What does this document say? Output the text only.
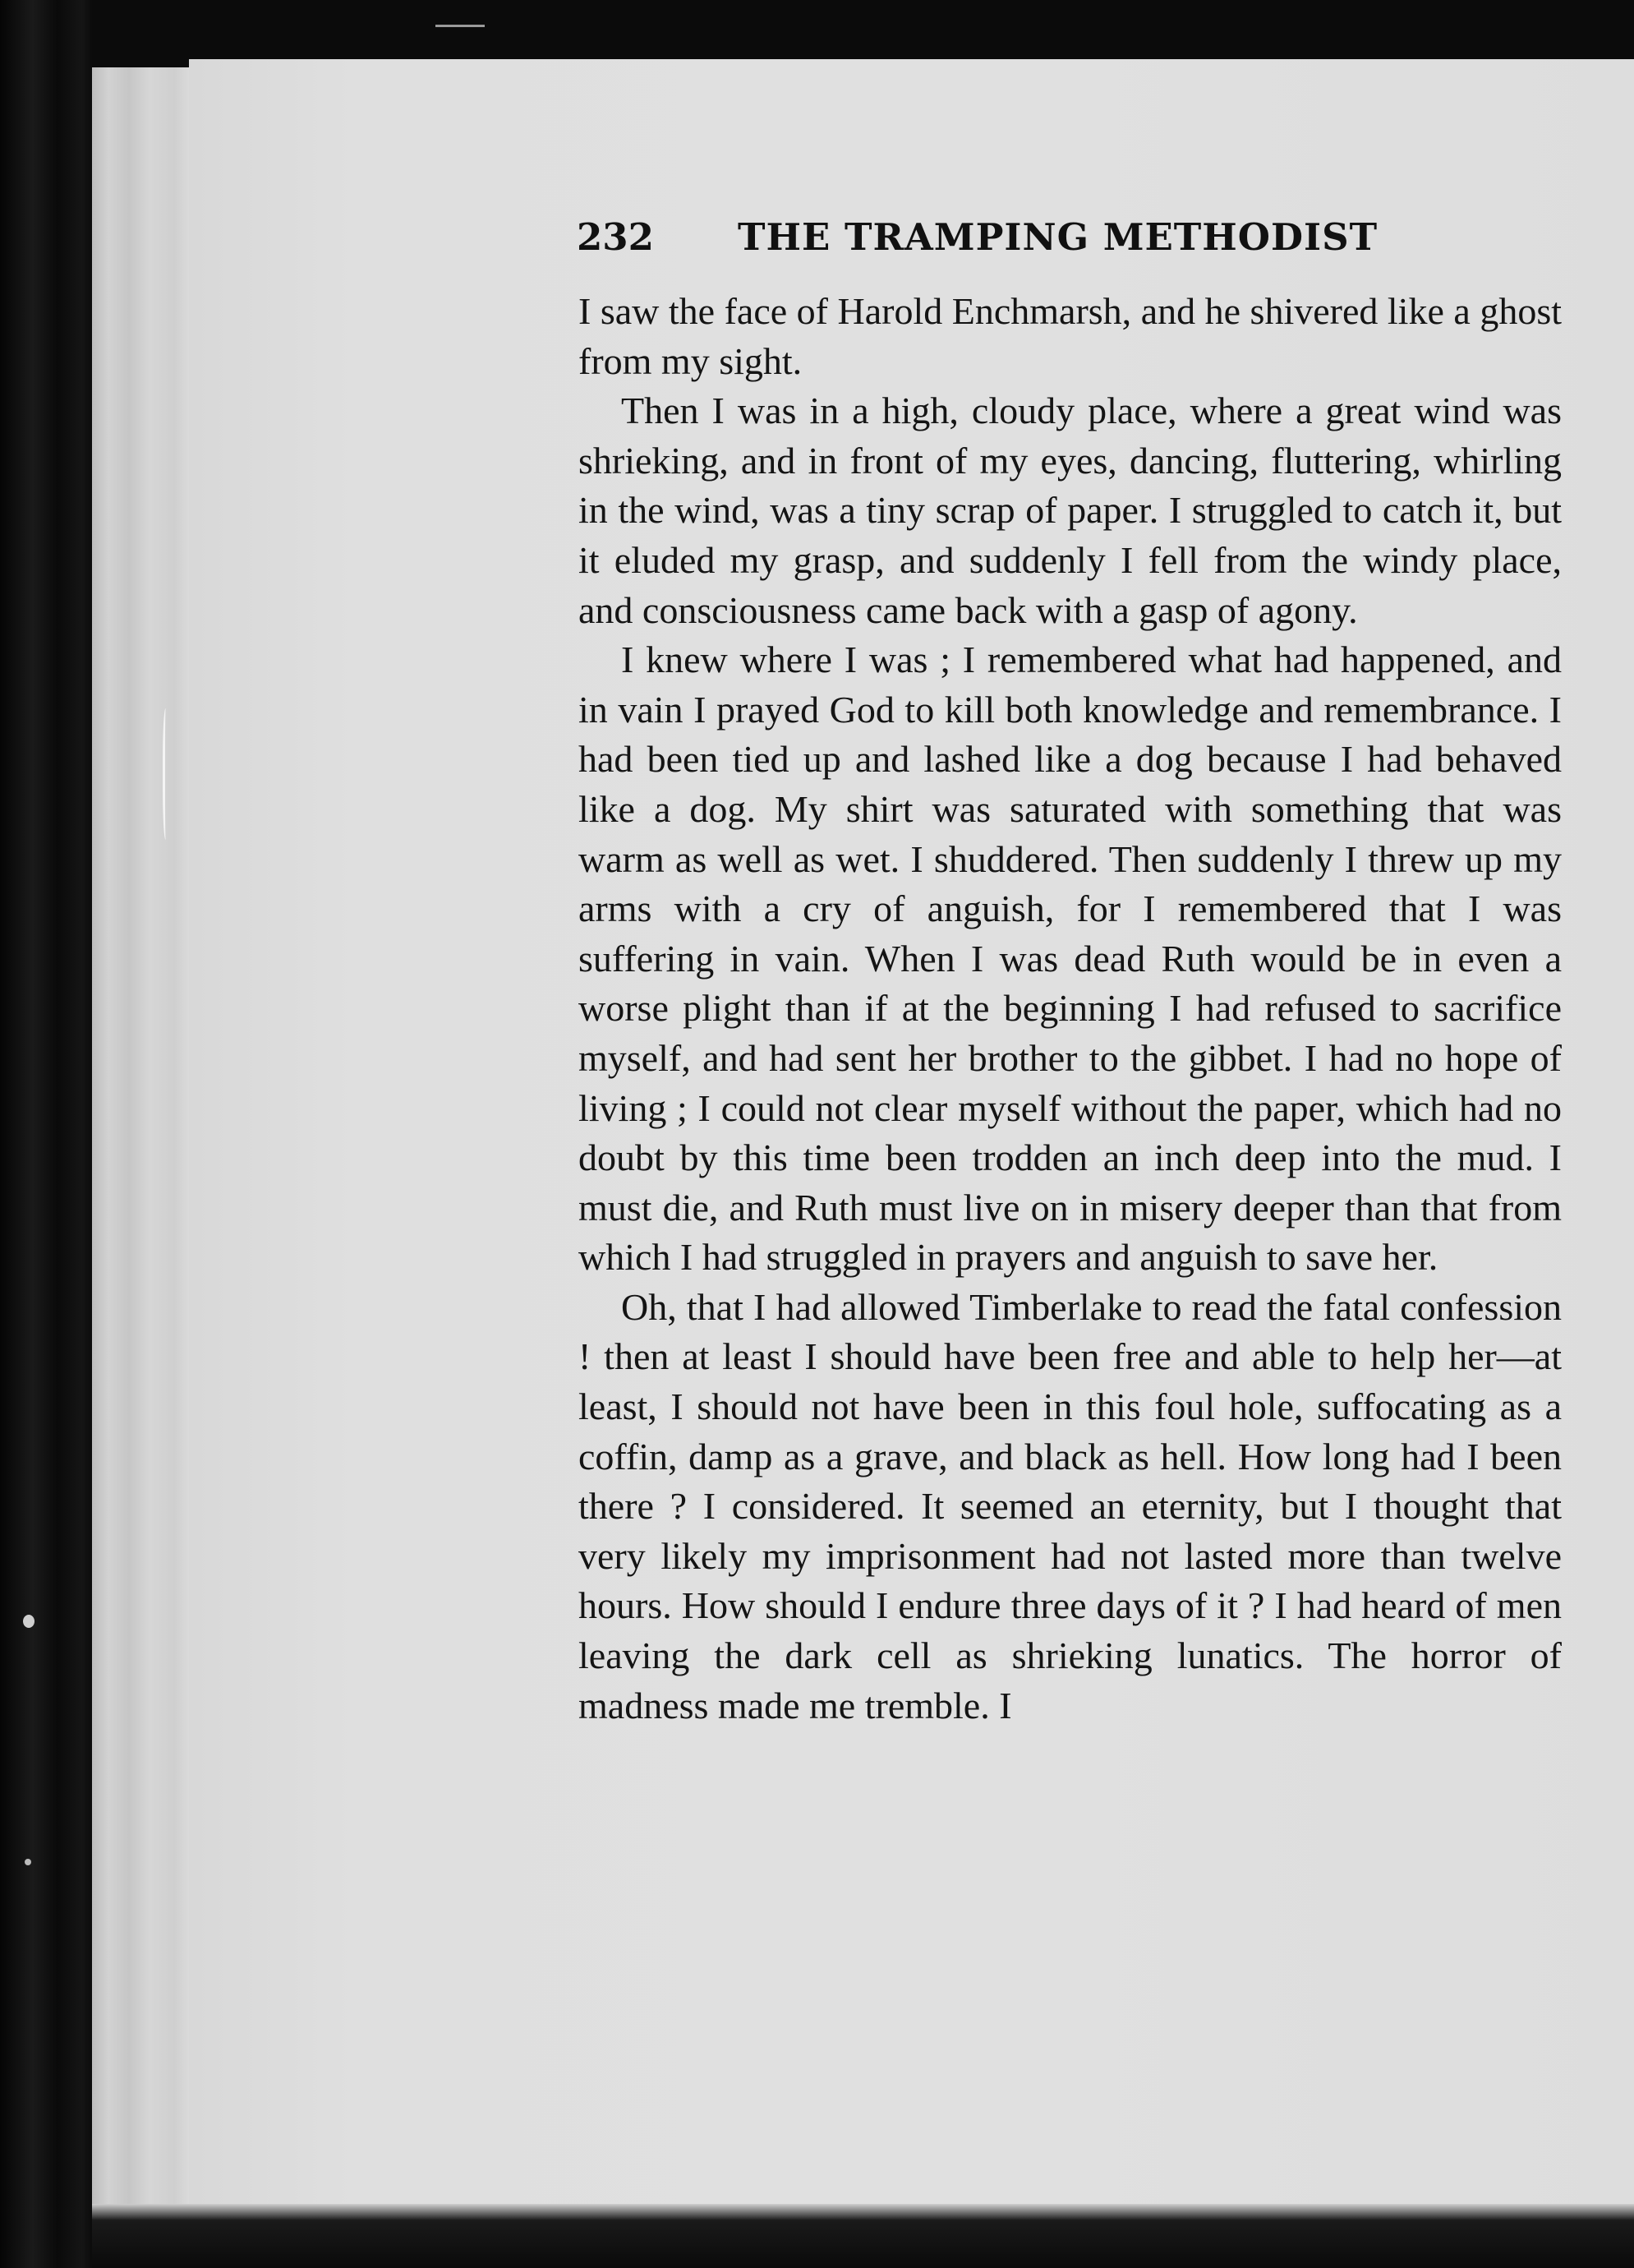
232 THE TRAMPING METHODIST

I saw the face of Harold Enchmarsh, and he shivered like a ghost from my sight.

Then I was in a high, cloudy place, where a great wind was shrieking, and in front of my eyes, dancing, fluttering, whirling in the wind, was a tiny scrap of paper. I struggled to catch it, but it eluded my grasp, and suddenly I fell from the windy place, and consciousness came back with a gasp of agony.

I knew where I was ; I remembered what had happened, and in vain I prayed God to kill both knowledge and remembrance. I had been tied up and lashed like a dog because I had behaved like a dog. My shirt was saturated with something that was warm as well as wet. I shuddered. Then suddenly I threw up my arms with a cry of anguish, for I remembered that I was suffering in vain. When I was dead Ruth would be in even a worse plight than if at the beginning I had refused to sacrifice myself, and had sent her brother to the gibbet. I had no hope of living ; I could not clear myself without the paper, which had no doubt by this time been trodden an inch deep into the mud. I must die, and Ruth must live on in misery deeper than that from which I had struggled in prayers and anguish to save her.

Oh, that I had allowed Timberlake to read the fatal confession ! then at least I should have been free and able to help her—at least, I should not have been in this foul hole, suffocating as a coffin, damp as a grave, and black as hell. How long had I been there ? I considered. It seemed an eternity, but I thought that very likely my imprisonment had not lasted more than twelve hours. How should I endure three days of it ? I had heard of men leaving the dark cell as shrieking lunatics. The horror of madness made me tremble. I
